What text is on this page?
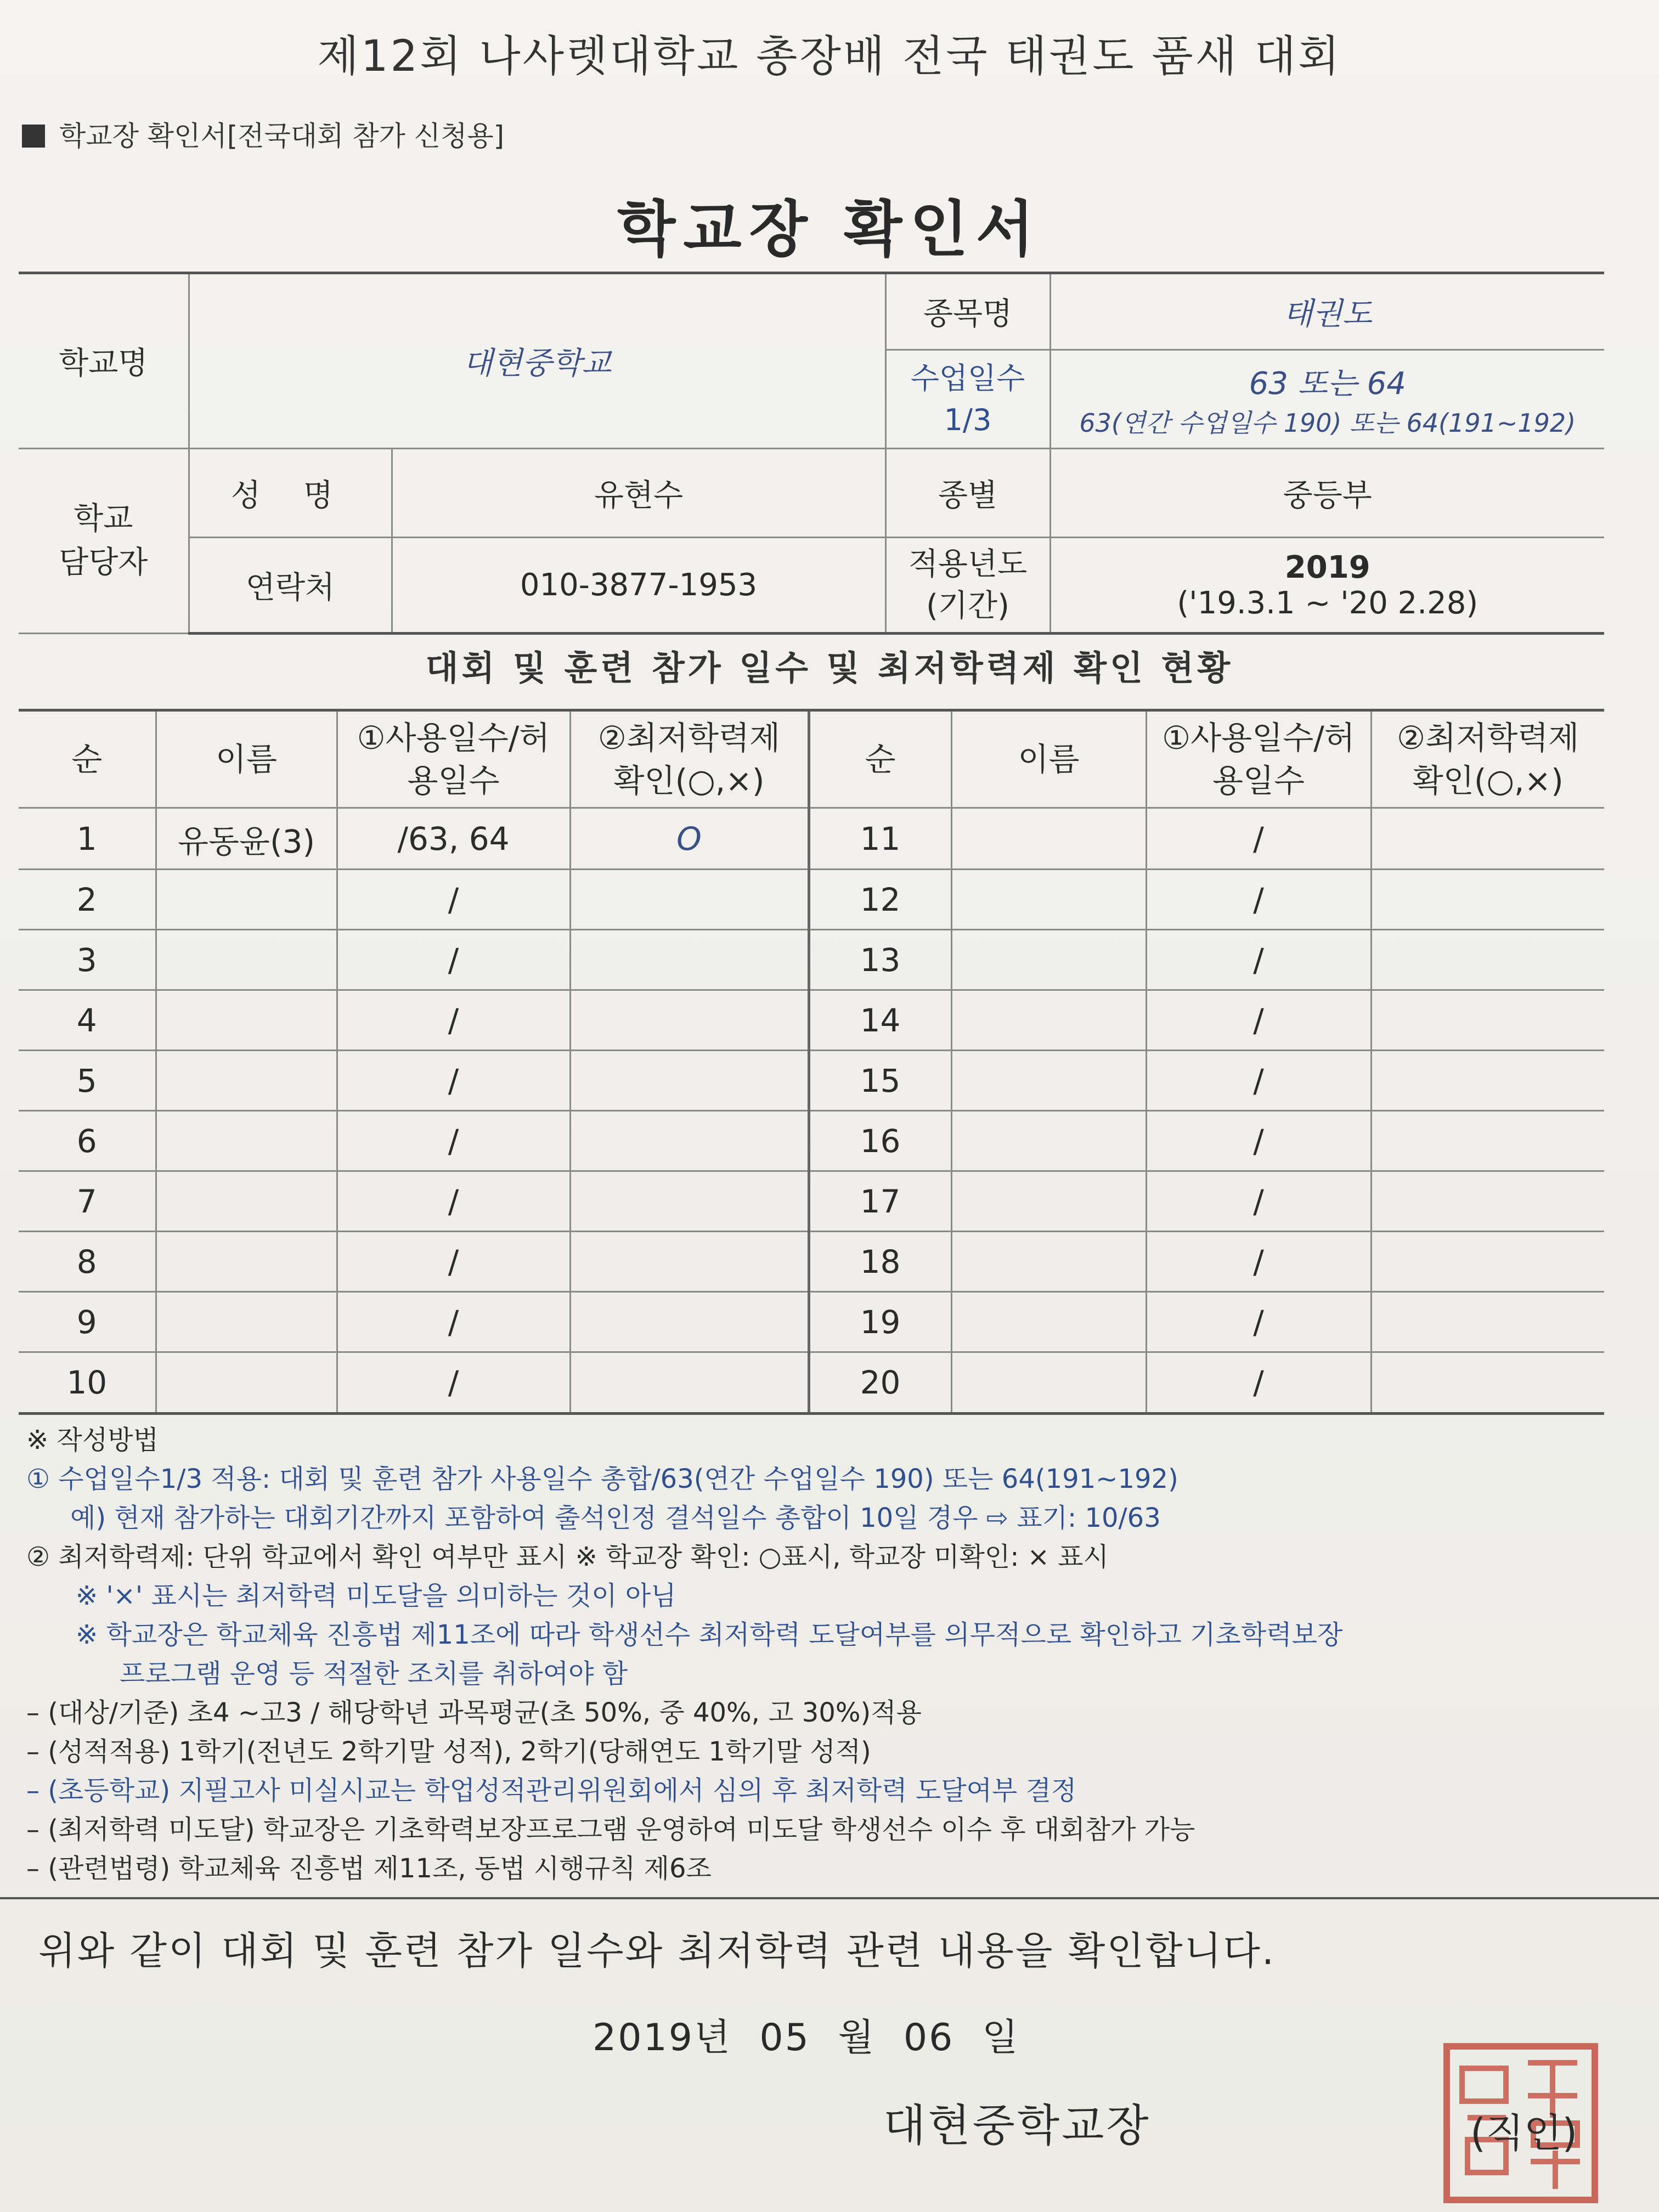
제12회 나사렛대학교 총장배 전국 태권도 품새 대회
학교장 확인서[전국대회 참가 신청용]
학교장 확인서
학교명	대현중학교		종목명	태권도
			수업일수1/3	63 또는 64
63(연간 수업일수 190) 또는 64(191~192)

학교 담당자	성 명	유현수	종별	중등부
	연락처	010-3877-1953	적용년도 (기간)	2019
('19.3.1 ~ '20 2.28)
대회 및 훈련 참가 일수 및 최저학력제 확인 현황
순	이름	①사용일수/허용일수	②최저학력제 확인(○,×)	순	이름	①사용일수/허용일수	②최저학력제 확인(○,×)
1	유동윤(3)	/63, 64	O	11		/	
2		/		12		/	
3		/		13		/	
4		/		14		/	
5		/		15		/	
6		/		16		/	
7		/		17		/	
8		/		18		/	
9		/		19		/	
10		/		20		/	
※ 작성방법
① 수업일수1/3 적용: 대회 및 훈련 참가 사용일수 총합/63(연간 수업일수 190) 또는 64(191~192)
예) 현재 참가하는 대회기간까지 포함하여 출석인정 결석일수 총합이 10일 경우 ⇨ 표기: 10/63
② 최저학력제: 단위 학교에서 확인 여부만 표시 ※ 학교장 확인: ○표시, 학교장 미확인: × 표시
※ '×' 표시는 최저학력 미도달을 의미하는 것이 아님
※ 학교장은 학교체육 진흥법 제11조에 따라 학생선수 최저학력 도달여부를 의무적으로 확인하고 기초학력보장
프로그램 운영 등 적절한 조치를 취하여야 함
– (대상/기준) 초4 ~고3 / 해당학년 과목평균(초 50%, 중 40%, 고 30%)적용
– (성적적용) 1학기(전년도 2학기말 성적), 2학기(당해연도 1학기말 성적)
– (초등학교) 지필고사 미실시교는 학업성적관리위원회에서 심의 후 최저학력 도달여부 결정
– (최저학력 미도달) 학교장은 기초학력보장프로그램 운영하여 미도달 학생선수 이수 후 대회참가 가능
– (관련법령) 학교체육 진흥법 제11조, 동법 시행규칙 제6조
위와 같이 대회 및 훈련 참가 일수와 최저학력 관련 내용을 확인합니다.
2019년 05 월 06 일
대현중학교장	(직인)
